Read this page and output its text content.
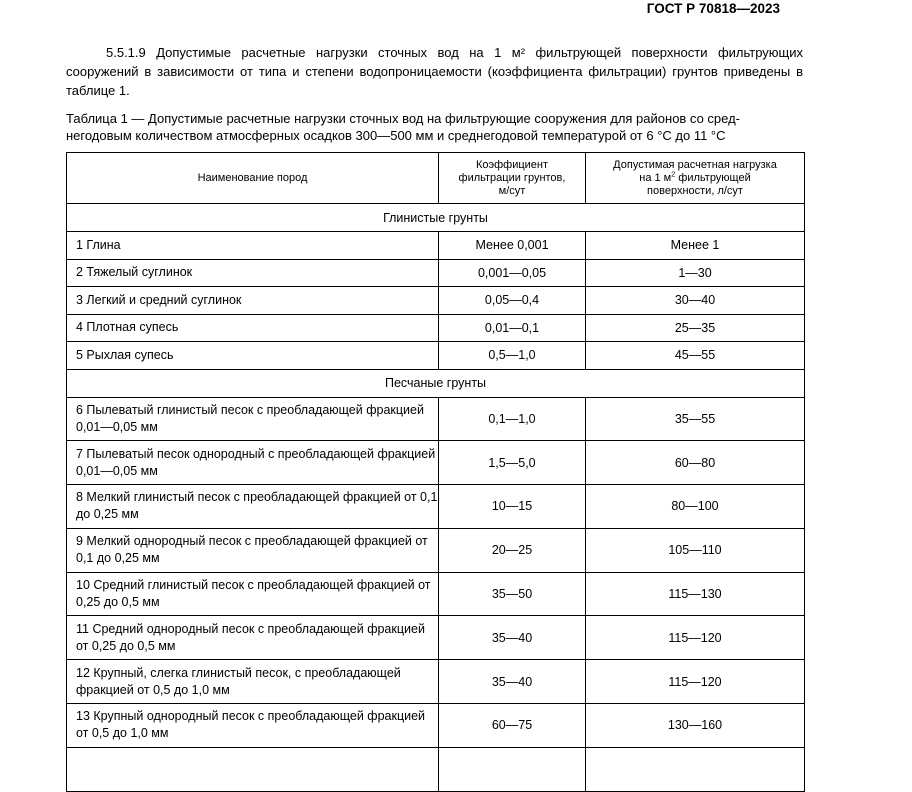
ГОСТ Р 70818—2023

5.5.1.9 Допустимые расчетные нагрузки сточных вод на 1 м² фильтрующей поверхности фильтрующих сооружений в зависимости от типа и степени водопроницаемости (коэффициента фильтрации) грунтов приведены в таблице 1.

Таблица 1 — Допустимые расчетные нагрузки сточных вод на фильтрующие сооружения для районов со сред-
негодовым количеством атмосферных осадков 300—500 мм и среднегодовой температурой от 6 °С до 11 °С
Наименование пород	Коэффициент фильтрации грунтов, м/сут	Допустимая расчетная нагрузка на 1 $м^2$ фильтрующей поверхности, л/сут
Глинистые грунты		
1 Глина	Менее 0,001	Менее 1
2 Тяжелый суглинок	0,001—0,05	1—30
3 Легкий и средний суглинок	0,05—0,4	30—40
4 Плотная супесь	0,01—0,1	25—35
5 Рыхлая супесь	0,5—1,0	45—55
Песчаные грунты		
6 Пылеватый глинистый песок с преобладающей фракцией 0,01—0,05 мм	0,1—1,0	35—55
7 Пылеватый песок однородный с преобладающей фракцией 0,01—0,05 мм	1,5—5,0	60—80
8 Мелкий глинистый песок с преобладающей фракцией от 0,1 до 0,25 мм	10—15	80—100
9 Мелкий однородный песок с преобладающей фракцией от 0,1 до 0,25 мм	20—25	105—110
10 Средний глинистый песок с преобладающей фракцией от 0,25 до 0,5 мм	35—50	115—130
11 Средний однородный песок с преобладающей фракцией от 0,25 до 0,5 мм	35—40	115—120
12 Крупный, слегка глинистый песок, с преобладающей фракцией от 0,5 до 1,0 мм	35—40	115—120
13 Крупный однородный песок с преобладающей фракцией от 0,5 до 1,0 мм	60—75	130—160
